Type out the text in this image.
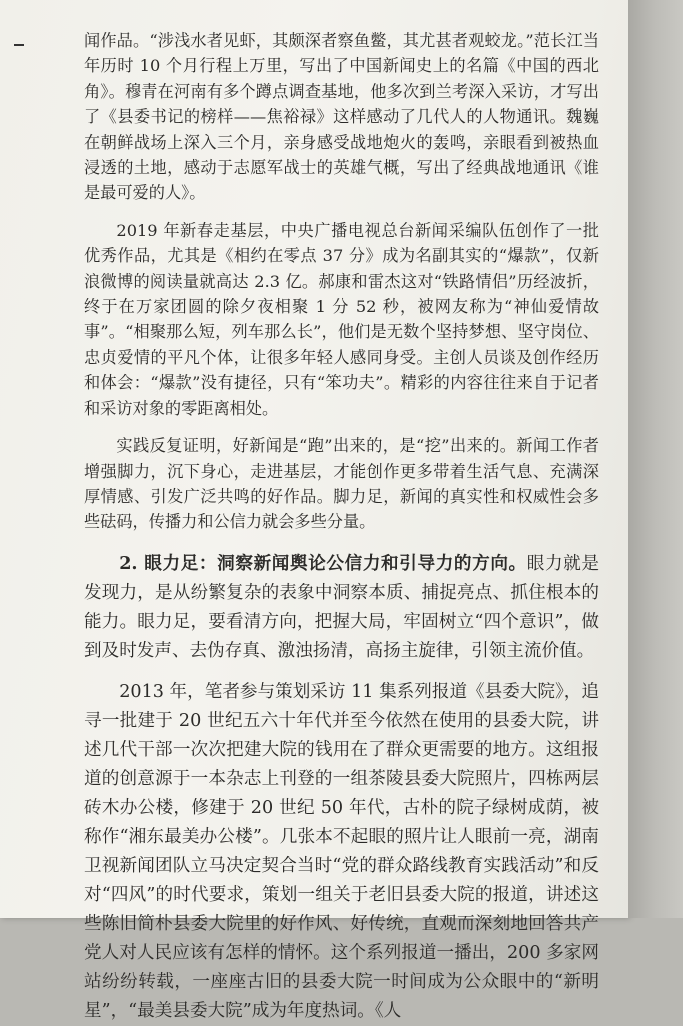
闻作品。“涉浅水者见虾，其颇深者察鱼鳖，其尤甚者观蛟龙。”范长江当年历时 10 个月行程上万里，写出了中国新闻史上的名篇《中国的西北角》。穆青在河南有多个蹲点调查基地，他多次到兰考深入采访，才写出了《县委书记的榜样——焦裕禄》这样感动了几代人的人物通讯。魏巍在朝鲜战场上深入三个月，亲身感受战地炮火的轰鸣，亲眼看到被热血浸透的土地，感动于志愿军战士的英雄气概，写出了经典战地通讯《谁是最可爱的人》。

2019 年新春走基层，中央广播电视总台新闻采编队伍创作了一批优秀作品，尤其是《相约在零点 37 分》成为名副其实的“爆款”，仅新浪微博的阅读量就高达 2.3 亿。郝康和雷杰这对“铁路情侣”历经波折，终于在万家团圆的除夕夜相聚 1 分 52 秒，被网友称为“神仙爱情故事”。“相聚那么短，列车那么长”，他们是无数个坚持梦想、坚守岗位、忠贞爱情的平凡个体，让很多年轻人感同身受。主创人员谈及创作经历和体会：“爆款”没有捷径，只有“笨功夫”。精彩的内容往往来自于记者和采访对象的零距离相处。

实践反复证明，好新闻是“跑”出来的，是“挖”出来的。新闻工作者增强脚力，沉下身心，走进基层，才能创作更多带着生活气息、充满深厚情感、引发广泛共鸣的好作品。脚力足，新闻的真实性和权威性会多些砝码，传播力和公信力就会多些分量。

2. 眼力足：洞察新闻舆论公信力和引导力的方向。眼力就是发现力，是从纷繁复杂的表象中洞察本质、捕捉亮点、抓住根本的能力。眼力足，要看清方向，把握大局，牢固树立“四个意识”，做到及时发声、去伪存真、激浊扬清，高扬主旋律，引领主流价值。

2013 年，笔者参与策划采访 11 集系列报道《县委大院》，追寻一批建于 20 世纪五六十年代并至今依然在使用的县委大院，讲述几代干部一次次把建大院的钱用在了群众更需要的地方。这组报道的创意源于一本杂志上刊登的一组茶陵县委大院照片，四栋两层砖木办公楼，修建于 20 世纪 50 年代，古朴的院子绿树成荫，被称作“湘东最美办公楼”。几张本不起眼的照片让人眼前一亮，湖南卫视新闻团队立马决定契合当时“党的群众路线教育实践活动”和反对“四风”的时代要求，策划一组关于老旧县委大院的报道，讲述这些陈旧简朴县委大院里的好作风、好传统，直观而深刻地回答共产党人对人民应该有怎样的情怀。这个系列报道一播出，200 多家网站纷纷转载，一座座古旧的县委大院一时间成为公众眼中的“新明星”，“最美县委大院”成为年度热词。《人
